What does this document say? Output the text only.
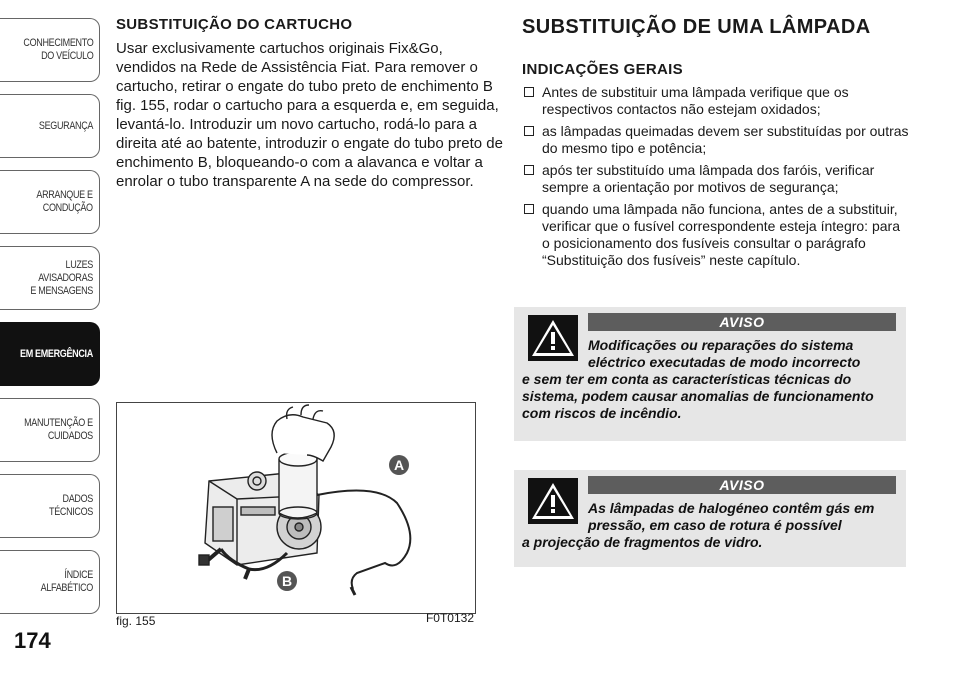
CONHECIMENTO
DO VEÍCULO
SEGURANÇA
ARRANQUE E
CONDUÇÃO
LUZES AVISADORAS
E MENSAGENS
EM EMERGÊNCIA
MANUTENÇÃO E
CUIDADOS
DADOS TÉCNICOS
ÍNDICE ALFABÉTICO
174
SUBSTITUIÇÃO DO CARTUCHO

Usar exclusivamente cartuchos originais Fix&Go, vendidos na Rede de Assistência Fiat. Para remover o cartucho, retirar o engate do tubo preto de enchimento B fig. 155, rodar o cartucho para a esquerda e, em seguida, levantá-lo. Introduzir um novo cartucho, rodá-lo para a direita até ao batente, introduzir o engate do tubo preto de enchimento B, bloqueando-o com a alavanca e voltar a enrolar o tubo transparente A na sede do compressor.

A
B
fig. 155	F0T0132
SUBSTITUIÇÃO DE UMA LÂMPADA
INDICAÇÕES GERAIS
Antes de substituir uma lâmpada verifique que os respectivos contactos não estejam oxidados;
as lâmpadas queimadas devem ser substituídas por outras do mesmo tipo e potência;
após ter substituído uma lâmpada dos faróis, verificar sempre a orientação por motivos de segurança;
quando uma lâmpada não funciona, antes de a substituir, verificar que o fusível correspondente esteja íntegro: para o posicionamento dos fusíveis consultar o parágrafo “Substituição dos fusíveis” neste capítulo.
AVISO
Modificações ou reparações do sistema eléctrico executadas de modo incorrecto
e sem ter em conta as características técnicas do sistema, podem causar anomalias de funcionamento com riscos de incêndio.
AVISO
As lâmpadas de halogéneo contêm gás em pressão, em caso de rotura é possível
a projecção de fragmentos de vidro.
